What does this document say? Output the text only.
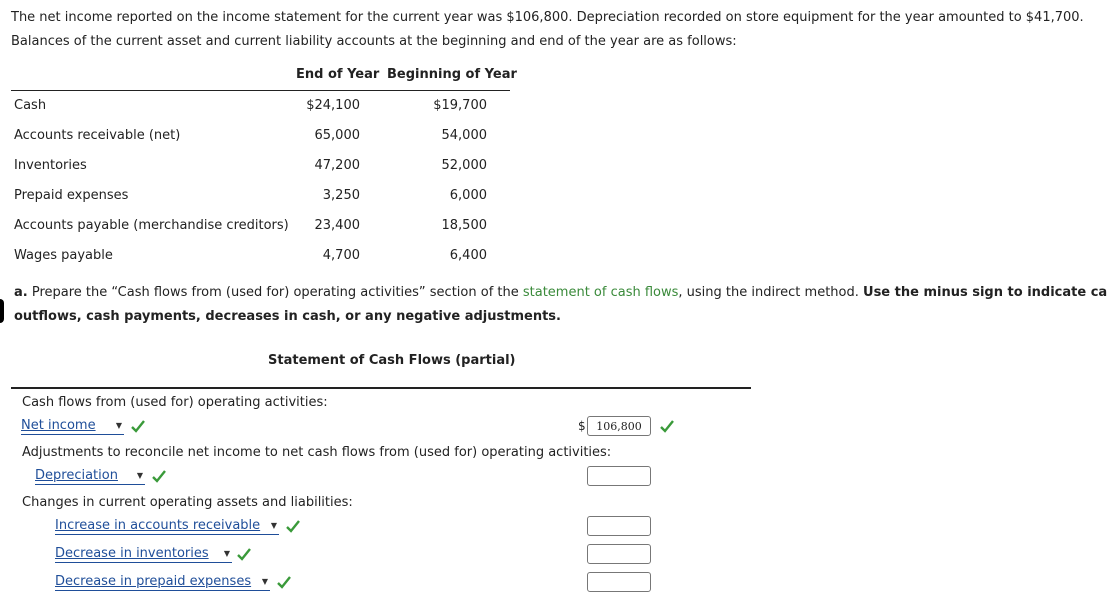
The net income reported on the income statement for the current year was $106,800. Depreciation recorded on store equipment for the year amounted to $41,700.
Balances of the current asset and current liability accounts at the beginning and end of the year are as follows:
End of Year Beginning of Year
Cash	$24,100	$19,700
Accounts receivable (net)	65,000	54,000
Inventories	47,200	52,000
Prepaid expenses	3,250	6,000
Accounts payable (merchandise creditors)	23,400	18,500
Wages payable	4,700	6,400
a. Prepare the “Cash flows from (used for) operating activities” section of the statement of cash flows, using the indirect method. Use the minus sign to indicate ca
outflows, cash payments, decreases in cash, or any negative adjustments.
Statement of Cash Flows (partial)
Cash flows from (used for) operating activities:
Net income	▼	$ 106,800
Adjustments to reconcile net income to net cash flows from (used for) operating activities:
Depreciation ▼
Changes in current operating assets and liabilities:
Increase in accounts receivable ▼
Decrease in inventories ▼
Decrease in prepaid expenses ▼
